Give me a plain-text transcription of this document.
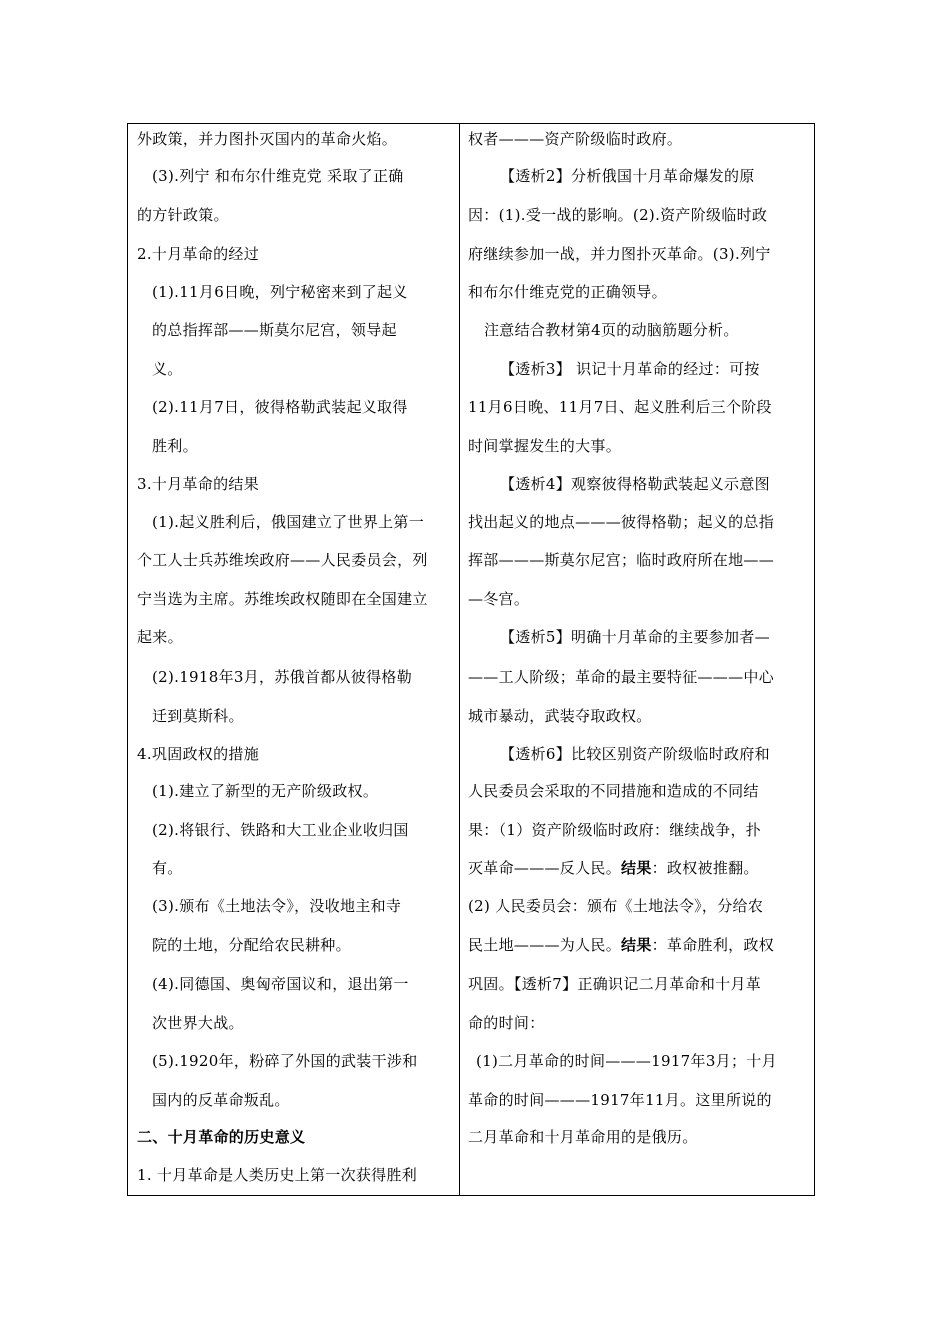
外政策，并力图扑灭国内的革命火焰。
(3).列宁 和布尔什维克党 采取了正确
的方针政策。
2.十月革命的经过
(1).11月6日晚，列宁秘密来到了起义
的总指挥部——斯莫尔尼宫，领导起
义。
(2).11月7日，彼得格勒武装起义取得
胜利。
3.十月革命的结果
(1).起义胜利后，俄国建立了世界上第一
个工人士兵苏维埃政府——人民委员会，列
宁当选为主席。苏维埃政权随即在全国建立
起来。
(2).1918年3月，苏俄首都从彼得格勒
迁到莫斯科。
4.巩固政权的措施
(1).建立了新型的无产阶级政权。
(2).将银行、铁路和大工业企业收归国
有。
(3).颁布《土地法令》，没收地主和寺
院的土地，分配给农民耕种。
(4).同德国、奥匈帝国议和，退出第一
次世界大战。
(5).1920年，粉碎了外国的武装干涉和
国内的反革命叛乱。
二、十月革命的历史意义
1. 十月革命是人类历史上第一次获得胜利
权者———资产阶级临时政府。
【透析2】分析俄国十月革命爆发的原
因：(1).受一战的影响。(2).资产阶级临时政
府继续参加一战，并力图扑灭革命。(3).列宁
和布尔什维克党的正确领导。
注意结合教材第4页的动脑筋题分析。
【透析3】 识记十月革命的经过：可按
11月6日晚、11月7日、起义胜利后三个阶段
时间掌握发生的大事。
【透析4】观察彼得格勒武装起义示意图
找出起义的地点———彼得格勒；起义的总指
挥部———斯莫尔尼宫；临时政府所在地——
—冬宫。
【透析5】明确十月革命的主要参加者—
——工人阶级；革命的最主要特征———中心
城市暴动，武装夺取政权。
【透析6】比较区别资产阶级临时政府和
人民委员会采取的不同措施和造成的不同结
果：（1）资产阶级临时政府：继续战争，扑
灭革命———反人民。结果：政权被推翻。
(2) 人民委员会：颁布《土地法令》，分给农
民土地———为人民。结果：革命胜利，政权
巩固。【透析7】正确识记二月革命和十月革
命的时间：
(1)二月革命的时间———1917年3月；十月
革命的时间———1917年11月。这里所说的
二月革命和十月革命用的是俄历。
